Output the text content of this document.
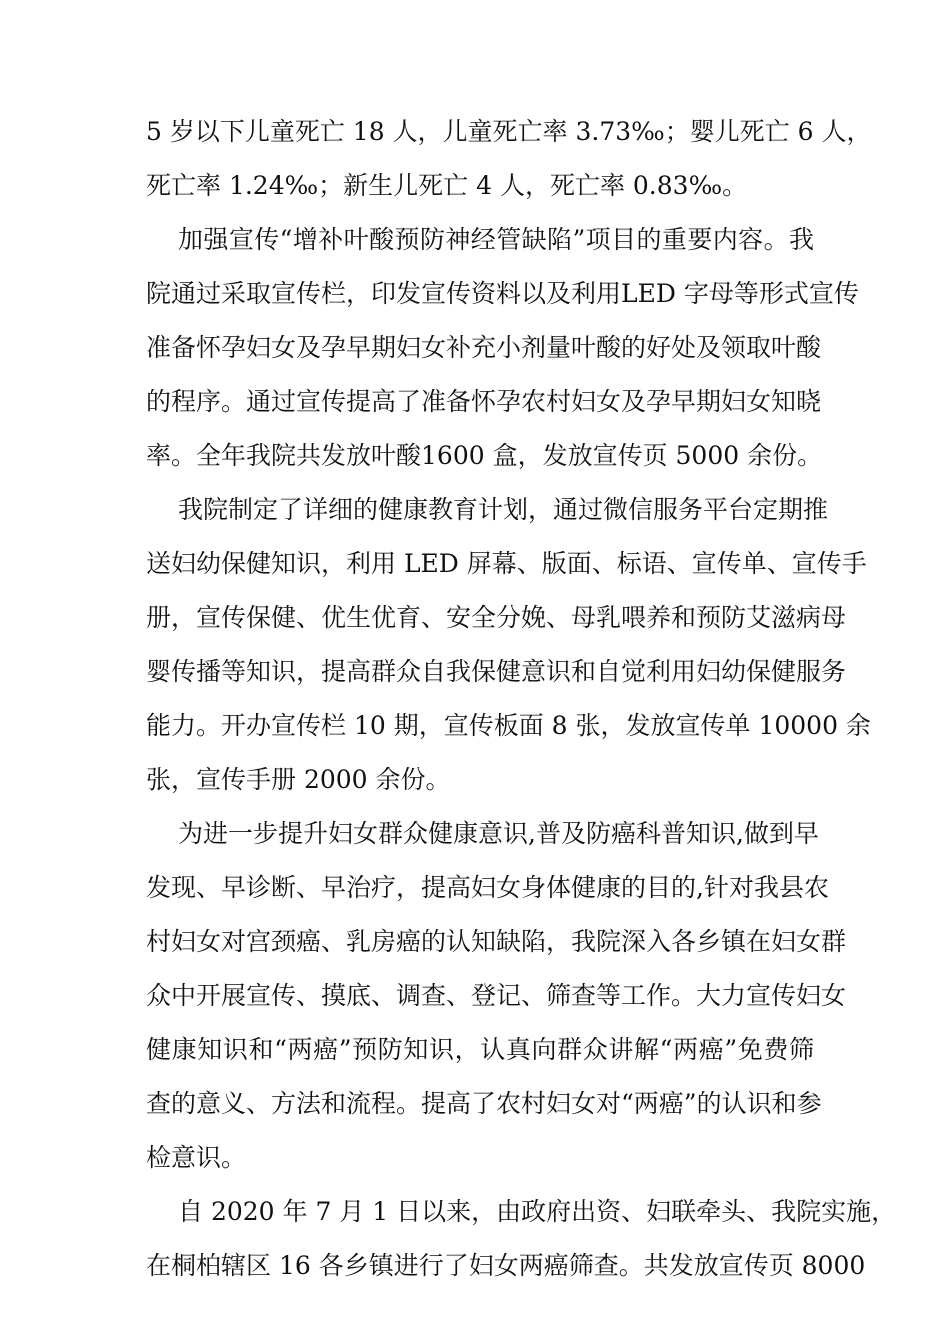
5 岁以下儿童死亡 18 人，儿童死亡率 3.73‰；婴儿死亡 6 人，
死亡率 1.24‰；新生儿死亡 4 人，死亡率 0.83‰。
加强宣传“增补叶酸预防神经管缺陷”项目的重要内容。我
院通过采取宣传栏，印发宣传资料以及利用LED 字母等形式宣传
准备怀孕妇女及孕早期妇女补充小剂量叶酸的好处及领取叶酸
的程序。通过宣传提高了准备怀孕农村妇女及孕早期妇女知晓
率。全年我院共发放叶酸1600 盒，发放宣传页 5000 余份。
我院制定了详细的健康教育计划，通过微信服务平台定期推
送妇幼保健知识，利用 LED 屏幕、版面、标语、宣传单、宣传手
册，宣传保健、优生优育、安全分娩、母乳喂养和预防艾滋病母
婴传播等知识，提高群众自我保健意识和自觉利用妇幼保健服务
能力。开办宣传栏 10 期，宣传板面 8 张，发放宣传单 10000 余
张，宣传手册 2000 余份。
为进一步提升妇女群众健康意识,普及防癌科普知识,做到早
发现、早诊断、早治疗，提高妇女身体健康的目的,针对我县农
村妇女对宫颈癌、乳房癌的认知缺陷，我院深入各乡镇在妇女群
众中开展宣传、摸底、调查、登记、筛查等工作。大力宣传妇女
健康知识和“两癌”预防知识，认真向群众讲解“两癌”免费筛
查的意义、方法和流程。提高了农村妇女对“两癌”的认识和参
检意识。
自 2020 年 7 月 1 日以来，由政府出资、妇联牵头、我院实施，
在桐柏辖区 16 各乡镇进行了妇女两癌筛查。共发放宣传页 8000
